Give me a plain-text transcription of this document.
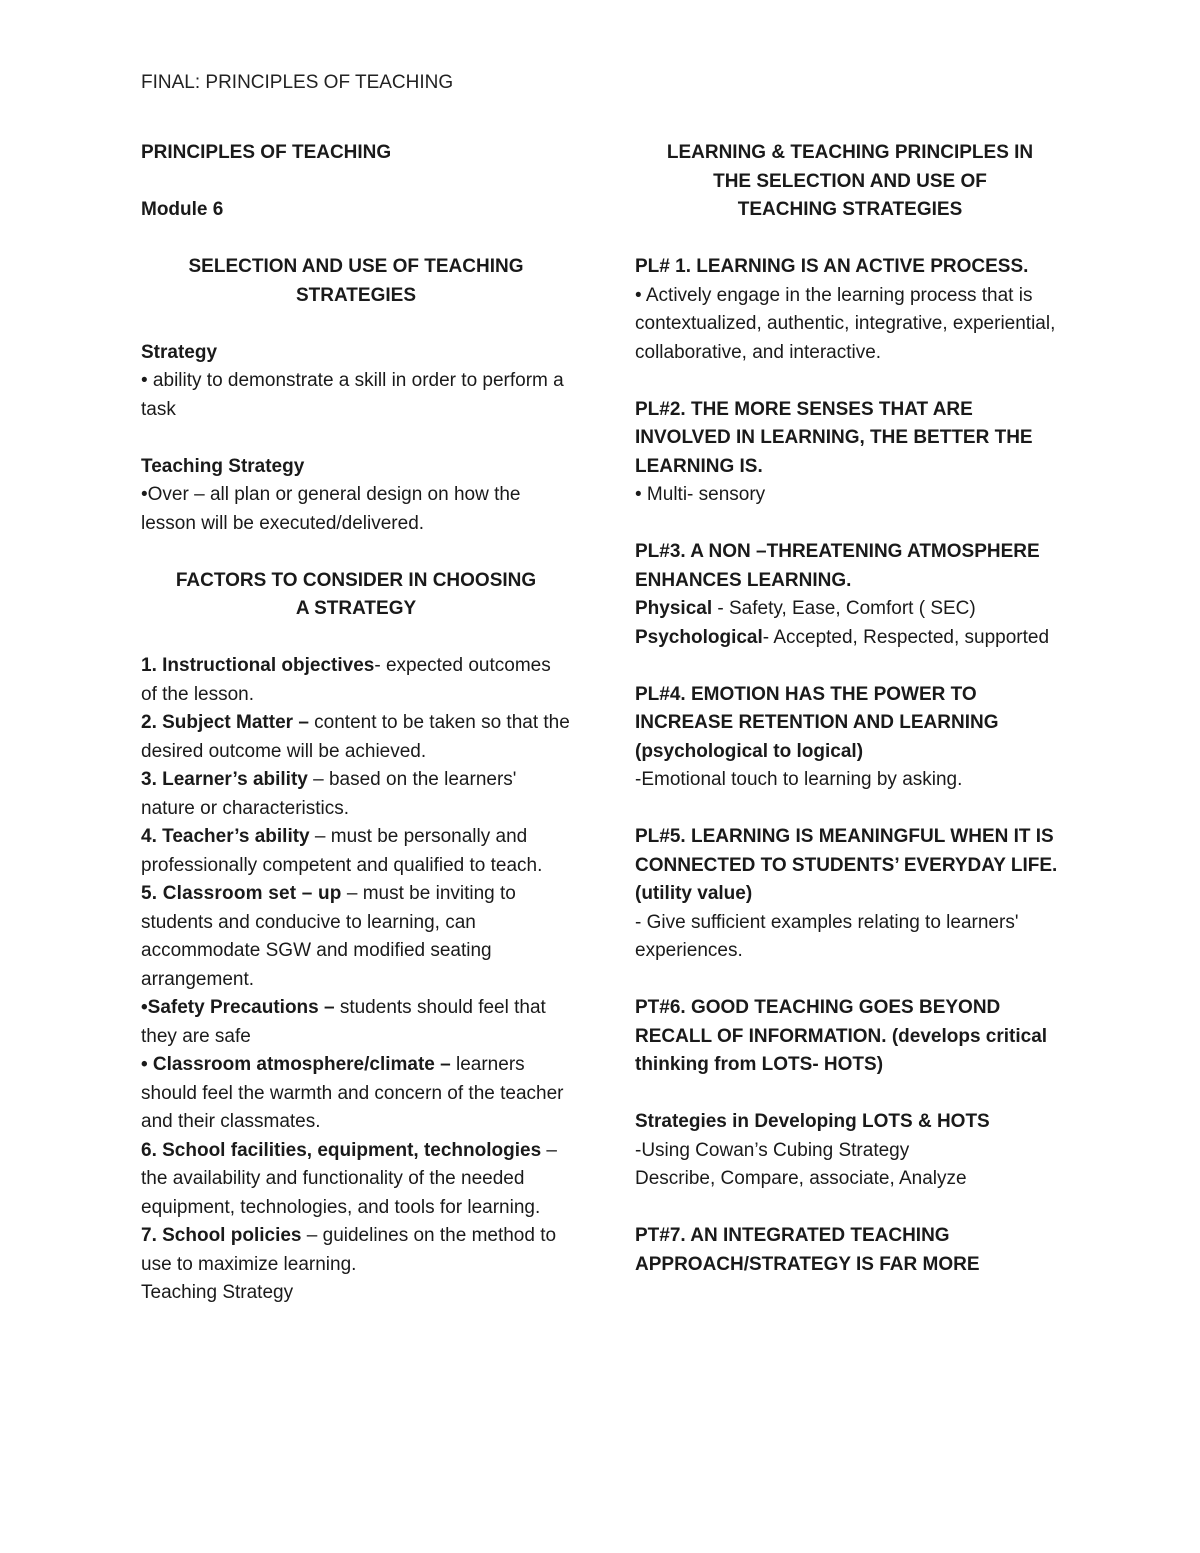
FINAL: PRINCIPLES OF TEACHING

PRINCIPLES OF TEACHING

Module 6

SELECTION AND USE OF TEACHING

STRATEGIES

Strategy

• ability to demonstrate a skill in order to perform a task

Teaching Strategy

•Over – all plan or general design on how the lesson will be executed/delivered.

FACTORS TO CONSIDER IN CHOOSING

A STRATEGY

1. Instructional objectives- expected outcomes of the lesson.

2. Subject Matter – content to be taken so that the desired outcome will be achieved.

3. Learner’s ability – based on the learners' nature or characteristics.

4. Teacher’s ability – must be personally and professionally competent and qualified to teach.

5. Classroom set – up – must be inviting to students and conducive to learning, can accommodate SGW and modified seating arrangement.

•Safety Precautions – students should feel that they are safe

• Classroom atmosphere/climate – learners should feel the warmth and concern of the teacher and their classmates.

6. School facilities, equipment, technologies – the availability and functionality of the needed equipment, technologies, and tools for learning.

7. School policies – guidelines on the method to use to maximize learning.

Teaching Strategy

LEARNING & TEACHING PRINCIPLES IN

THE SELECTION AND USE OF

TEACHING STRATEGIES

PL# 1. LEARNING IS AN ACTIVE PROCESS.

• Actively engage in the learning process that is contextualized, authentic, integrative, experiential, collaborative, and interactive.

PL#2. THE MORE SENSES THAT ARE INVOLVED IN LEARNING, THE BETTER THE LEARNING IS.

• Multi- sensory

PL#3. A NON –THREATENING ATMOSPHERE ENHANCES LEARNING.

Physical - Safety, Ease, Comfort ( SEC)

Psychological- Accepted, Respected, supported

PL#4. EMOTION HAS THE POWER TO INCREASE RETENTION AND LEARNING (psychological to logical)

-Emotional touch to learning by asking.

PL#5. LEARNING IS MEANINGFUL WHEN IT IS CONNECTED TO STUDENTS’ EVERYDAY LIFE. (utility value)

- Give sufficient examples relating to learners' experiences.

PT#6. GOOD TEACHING GOES BEYOND RECALL OF INFORMATION. (develops critical thinking from LOTS- HOTS)

Strategies in Developing LOTS & HOTS

-Using Cowan’s Cubing Strategy

Describe, Compare, associate, Analyze

PT#7. AN INTEGRATED TEACHING APPROACH/STRATEGY IS FAR MORE
